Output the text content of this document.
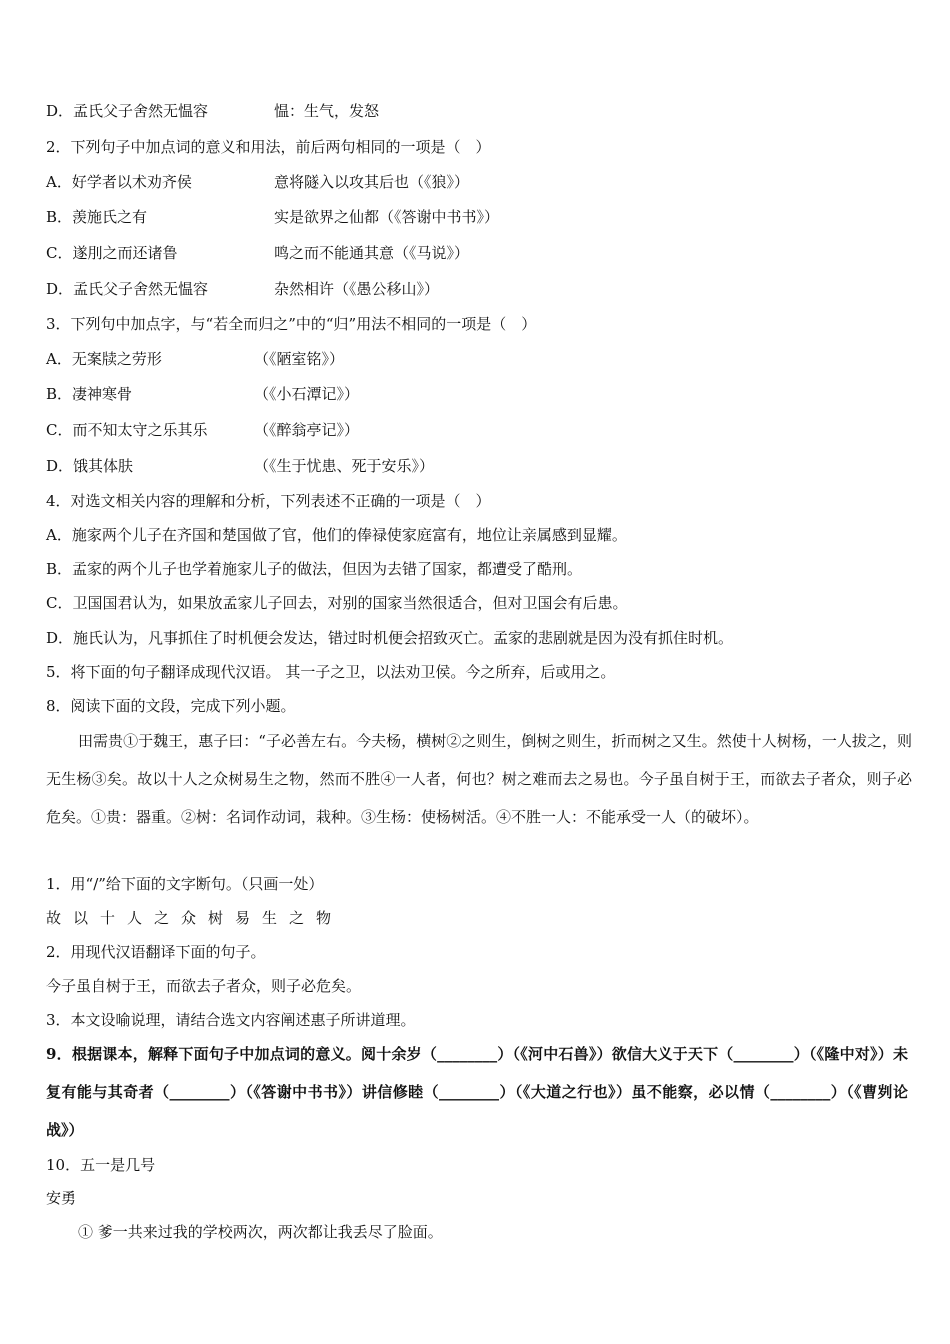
D．孟氏父子舍然无愠容	愠：生气，发怒
2．下列句子中加点词的意义和用法，前后两句相同的一项是（　）
A．好学者以术劝齐侯	意将隧入以攻其后也（《狼》）
B．羡施氏之有	实是欲界之仙都（《答谢中书书》）
C．遂刖之而还诸鲁	鸣之而不能通其意（《马说》）
D．孟氏父子舍然无愠容	杂然相许（《愚公移山》）
3．下列句中加点字，与“若全而归之”中的“归”用法不相同的一项是（　）
A．无案牍之劳形	（《陋室铭》）
B．凄神寒骨	（《小石潭记》）
C．而不知太守之乐其乐	（《醉翁亭记》）
D．饿其体肤	（《生于忧患、死于安乐》）
4．对选文相关内容的理解和分析，下列表述不正确的一项是（　）
A．施家两个儿子在齐国和楚国做了官，他们的俸禄使家庭富有，地位让亲属感到显耀。
B．孟家的两个儿子也学着施家儿子的做法，但因为去错了国家，都遭受了酷刑。
C．卫国国君认为，如果放孟家儿子回去，对别的国家当然很适合，但对卫国会有后患。
D．施氏认为，凡事抓住了时机便会发达，错过时机便会招致灭亡。孟家的悲剧就是因为没有抓住时机。
5．将下面的句子翻译成现代汉语。 其一子之卫，以法劝卫侯。今之所弃，后或用之。
8．阅读下面的文段，完成下列小题。
田需贵①于魏王，惠子曰：“子必善左右。今夫杨，横树②之则生，倒树之则生，折而树之又生。然使十人树杨，一人拔之，则无生杨③矣。故以十人之众树易生之物，然而不胜④一人者，何也？树之难而去之易也。今子虽自树于王，而欲去子者众，则子必危矣。①贵：器重。②树：名词作动词，栽种。③生杨：使杨树活。④不胜一人：不能承受一人（的破坏）。
1．用“/”给下面的文字断句。（只画一处）
故以十人之众树易生之物
2．用现代汉语翻译下面的句子。
今子虽自树于王，而欲去子者众，则子必危矣。
3．本文设喻说理，请结合选文内容阐述惠子所讲道理。
9．根据课本，解释下面句子中加点词的意义。阅十余岁（________）（《河中石兽》）欲信大义于天下（________）（《隆中对》）未复有能与其奇者（________）（《答谢中书书》）讲信修睦（________）（《大道之行也》）虽不能察，必以情（________）（《曹刿论战》）
10．五一是几号
安勇
① 爹一共来过我的学校两次，两次都让我丢尽了脸面。
